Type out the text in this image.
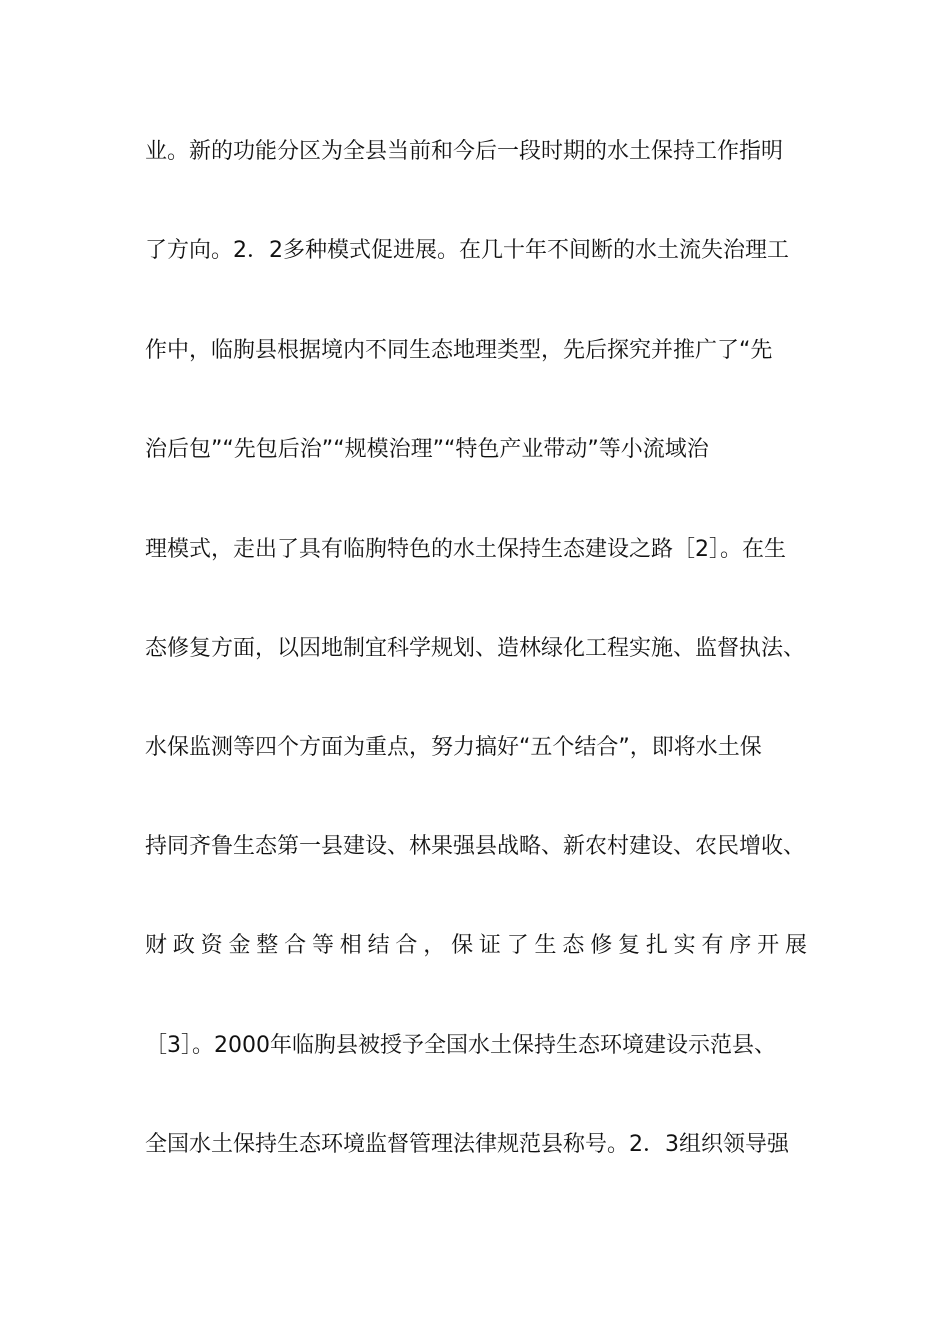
业。新的功能分区为全县当前和今后一段时期的水土保持工作指明
了方向。2．2多种模式促进展。在几十年不间断的水土流失治理工
作中，临朐县根据境内不同生态地理类型，先后探究并推广了“先
治后包”“先包后治”“规模治理”“特色产业带动”等小流域治
理模式，走出了具有临朐特色的水土保持生态建设之路［2］。在生
态修复方面，以因地制宜科学规划、造林绿化工程实施、监督执法、
水保监测等四个方面为重点，努力搞好“五个结合”，即将水土保
持同齐鲁生态第一县建设、林果强县战略、新农村建设、农民增收、
财政资金整合等相结合，保证了生态修复扎实有序开展
［3］。2000年临朐县被授予全国水土保持生态环境建设示范县、
全国水土保持生态环境监督管理法律规范县称号。2．3组织领导强
